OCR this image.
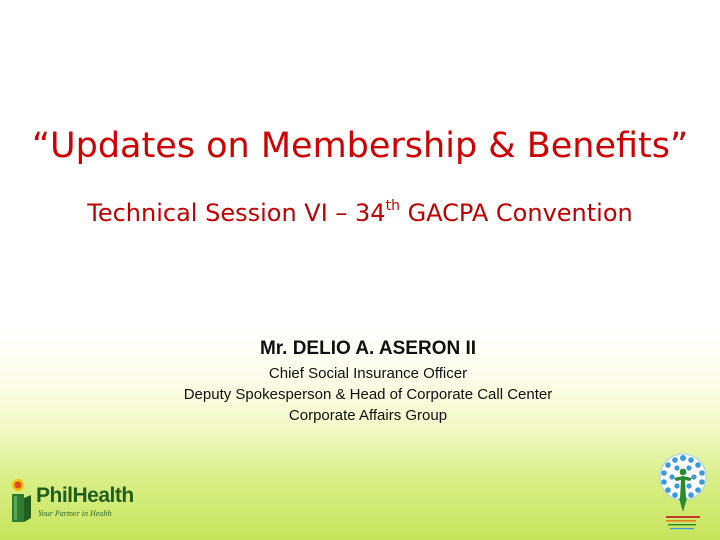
“Updates on Membership & Benefits”
Technical Session VI – 34th GACPA Convention
Mr. DELIO A. ASERON II
Chief Social Insurance Officer
Deputy Spokesperson & Head of Corporate Call Center
Corporate Affairs Group
PhilHealth
Your Partner in Health
